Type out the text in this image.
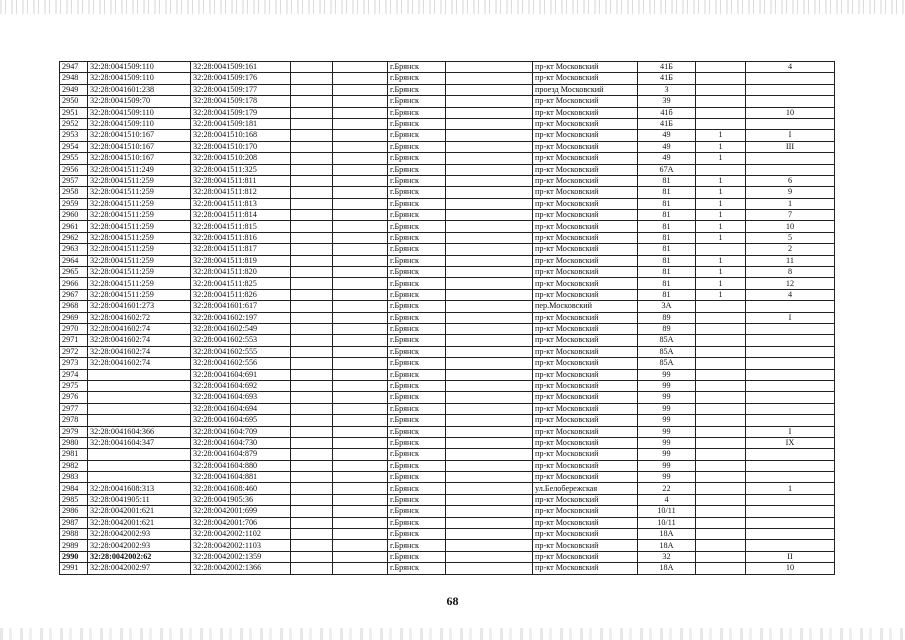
2947	32:28:0041509:110	32:28:0041509:161			г.Брянск		пр-кт Московский	41Б		4
2948	32:28:0041509:110	32:28:0041509:176			г.Брянск		пр-кт Московский	41Б		
2949	32:28:0041601:238	32:28:0041509:177			г.Брянск		проезд Московский	3		
2950	32:28:0041509:70	32:28:0041509:178			г.Брянск		пр-кт Московский	39		
2951	32:28:0041509:110	32:28:0041509:179			г.Брянск		пр-кт Московский	41б		10
2952	32:28:0041509:110	32:28:0041509:181			г.Брянск		пр-кт Московский	41Б		
2953	32:28:0041510:167	32:28:0041510:168			г.Брянск		пр-кт Московский	49	1	I
2954	32:28:0041510:167	32:28:0041510:170			г.Брянск		пр-кт Московский	49	1	III
2955	32:28:0041510:167	32:28:0041510:208			г.Брянск		пр-кт Московский	49	1	
2956	32:28:0041511:249	32:28:0041511:325			г.Брянск		пр-кт Московский	67А		
2957	32:28:0041511:259	32:28:0041511:811			г.Брянск		пр-кт Московский	81	1	6
2958	32:28:0041511:259	32:28:0041511:812			г.Брянск		пр-кт Московский	81	1	9
2959	32:28:0041511:259	32:28:0041511:813			г.Брянск		пр-кт Московский	81	1	1
2960	32:28:0041511:259	32:28:0041511:814			г.Брянск		пр-кт Московский	81	1	7
2961	32:28:0041511:259	32:28:0041511:815			г.Брянск		пр-кт Московский	81	1	10
2962	32:28:0041511:259	32:28:0041511:816			г.Брянск		пр-кт Московский	81	1	5
2963	32:28:0041511:259	32:28:0041511:817			г.Брянск		пр-кт Московский	81		2
2964	32:28:0041511:259	32:28:0041511:819			г.Брянск		пр-кт Московский	81	1	11
2965	32:28:0041511:259	32:28:0041511:820			г.Брянск		пр-кт Московский	81	1	8
2966	32:28:0041511:259	32:28:0041511:825			г.Брянск		пр-кт Московский	81	1	12
2967	32:28:0041511:259	32:28:0041511:826			г.Брянск		пр-кт Московский	81	1	4
2968	32:28:0041601:273	32:28:0041601:617			г.Брянск		пер.Московский	3А		
2969	32:28:0041602:72	32:28:0041602:197			г.Брянск		пр-кт Московский	89		I
2970	32:28:0041602:74	32:28:0041602:549			г.Брянск		пр-кт Московский	89		
2971	32:28:0041602:74	32:28:0041602:553			г.Брянск		пр-кт Московский	85А		
2972	32:28:0041602:74	32:28:0041602:555			г.Брянск		пр-кт Московский	85А		
2973	32:28:0041602:74	32:28:0041602:556			г.Брянск		пр-кт Московский	85А		
2974		32:28:0041604:691			г.Брянск		пр-кт Московский	99		
2975		32:28:0041604:692			г.Брянск		пр-кт Московский	99		
2976		32:28:0041604:693			г.Брянск		пр-кт Московский	99		
2977		32:28:0041604:694			г.Брянск		пр-кт Московский	99		
2978		32:28:0041604:695			г.Брянск		пр-кт Московский	99		
2979	32:28:0041604:366	32:28:0041604:709			г.Брянск		пр-кт Московский	99		I
2980	32:28:0041604:347	32:28:0041604:730			г.Брянск		пр-кт Московский	99		IX
2981		32:28:0041604:879			г.Брянск		пр-кт Московский	99		
2982		32:28:0041604:880			г.Брянск		пр-кт Московский	99		
2983		32:28:0041604:881			г.Брянск		пр-кт Московский	99		
2984	32:28:0041608:313	32:28:0041608:460			г.Брянск		ул.Белобережская	22		1
2985	32:28:0041905:11	32:28:0041905:36			г.Брянск		пр-кт Московский	4		
2986	32:28:0042001:621	32:28:0042001:699			г.Брянск		пр-кт Московский	10/11		
2987	32:28:0042001:621	32:28:0042001:706			г.Брянск		пр-кт Московский	10/11		
2988	32:28:0042002:93	32:28:0042002:1102			г.Брянск		пр-кт Московский	18А		
2989	32:28:0042002:93	32:28:0042002:1103			г.Брянск		пр-кт Московский	18А		
2990	32:28:0042002:62	32:28:0042002:1359			г.Брянск		пр-кт Московский	32		II
2991	32:28:0042002:97	32:28:0042002:1366			г.Брянск		пр-кт Московский	18А		10
68
